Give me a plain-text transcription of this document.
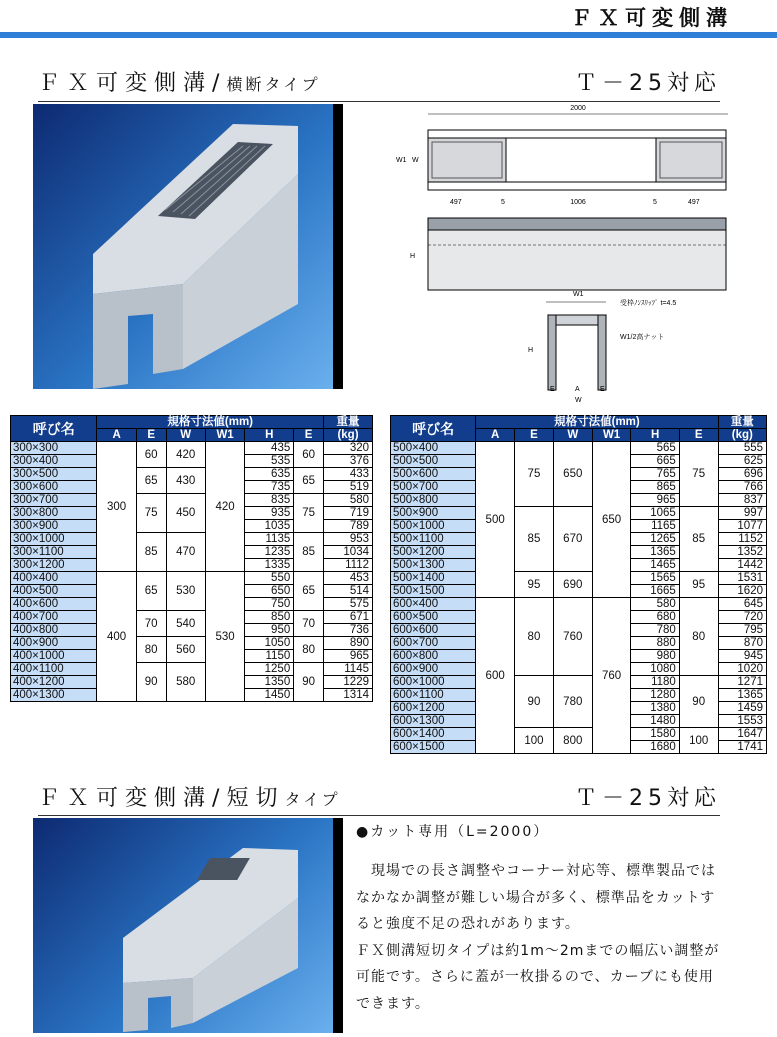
ＦＸ可変側溝
ＦＸ可変側溝/横断タイプ	Ｔ－25対応
2000
W1 W
497	5	1006	5	497
H
W1
受枠ﾉﾝｽﾘｯﾌﾟ t=4.5
W1/2高ナット
H
E	A	E
W
呼び名	規格寸法値(mm)						重量
	A	E	W	W1	H	E	(kg)
300×300	300	60	420	420	435	60	320
300×400					535		376
300×500		65	430		635	65	433
300×600					735		519
300×700		75	450		835	75	580
300×800					935		719
300×900					1035		789
300×1000		85	470		1135	85	953
300×1100					1235		1034
300×1200					1335		1112
400×400	400	65	530	530	550	65	453
400×500					650		514
400×600					750		575
400×700		70	540		850	70	671
400×800					950		736
400×900		80	560		1050	80	890
400×1000					1150		965
400×1100		90	580		1250	90	1145
400×1200					1350		1229
400×1300					1450		1314
呼び名	規格寸法値(mm)						重量
	A	E	W	W1	H	E	(kg)
500×400	500	75	650	650	565	75	555
500×500					665		625
500×600					765		696
500×700					865		766
500×800					965		837
500×900		85	670		1065	85	997
500×1000					1165		1077
500×1100					1265		1152
500×1200					1365		1352
500×1300					1465		1442
500×1400		95	690		1565	95	1531
500×1500					1665		1620
600×400	600	80	760	760	580	80	645
600×500					680		720
600×600					780		795
600×700					880		870
600×800					980		945
600×900					1080		1020
600×1000		90	780		1180	90	1271
600×1100					1280		1365
600×1200					1380		1459
600×1300					1480		1553
600×1400		100	800		1580	100	1647
600×1500					1680		1741
ＦＸ可変側溝/短切タイプ	Ｔ－25対応
●カット専用（L=2000）
　現場での長さ調整やコーナー対応等、標準製品では
なかなか調整が難しい場合が多く、標準品をカットす
ると強度不足の恐れがあります。
ＦＸ側溝短切タイプは約1m～2mまでの幅広い調整が
可能です。さらに蓋が一枚掛るので、カーブにも使用
できます。
